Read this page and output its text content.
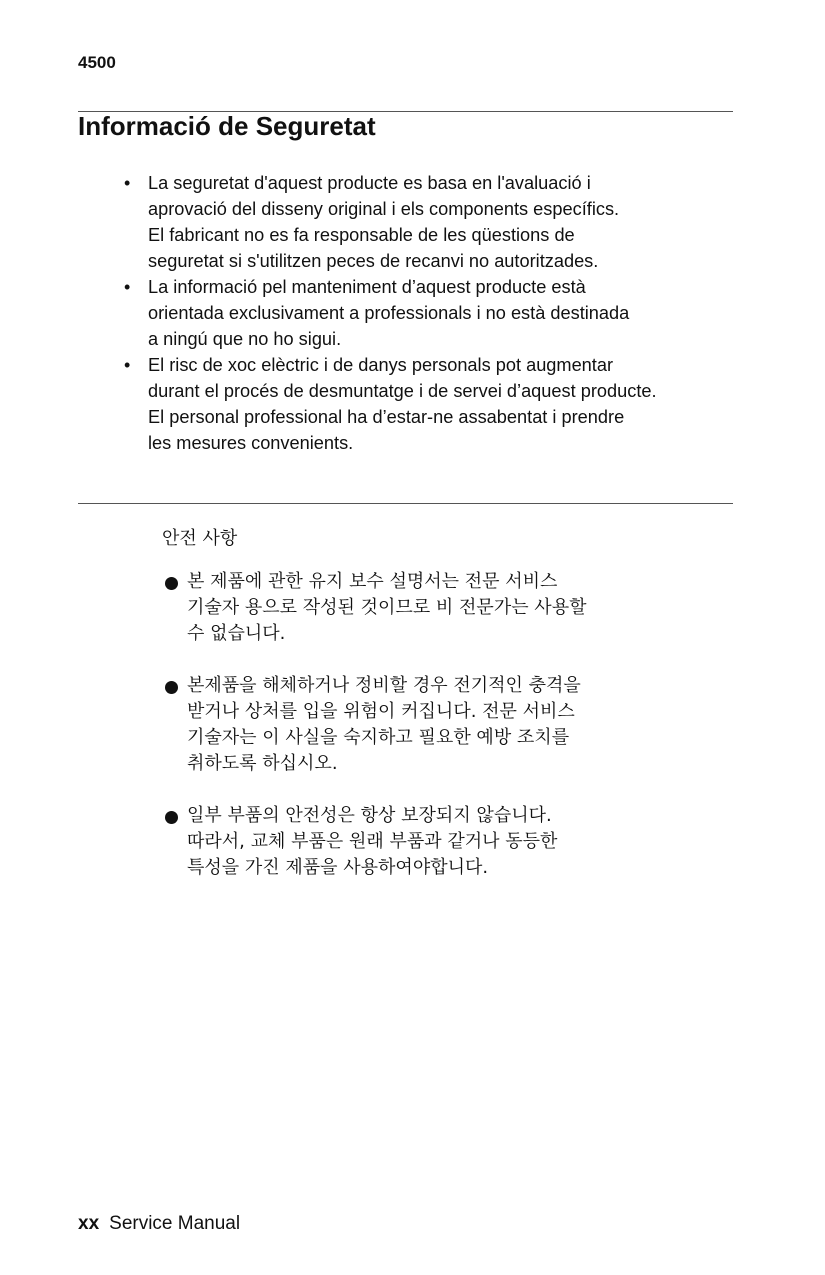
4500
Informació de Seguretat
• La seguretat d'aquest producte es basa en l'avaluació i
aprovació del disseny original i els components específics.
El fabricant no es fa responsable de les qüestions de
seguretat si s'utilitzen peces de recanvi no autoritzades.
• La informació pel manteniment d’aquest producte està
orientada exclusivament a professionals i no està destinada
a ningú que no ho sigui.
• El risc de xoc elèctric i de danys personals pot augmentar
durant el procés de desmuntatge i de servei d’aquest producte.
El personal professional ha d’estar-ne assabentat i prendre
les mesures convenients.
안전 사항
본 제품에 관한 유지 보수 설명서는 전문 서비스
기술자 용으로 작성된 것이므로 비 전문가는 사용할
수 없습니다.
본제품을 해체하거나 정비할 경우 전기적인 충격을
받거나 상처를 입을 위험이 커집니다. 전문 서비스
기술자는 이 사실을 숙지하고 필요한 예방 조치를
취하도록 하십시오.
일부 부품의 안전성은 항상 보장되지 않습니다.
따라서, 교체 부품은 원래 부품과 같거나 동등한
특성을 가진 제품을 사용하여야합니다.
xx Service Manual
